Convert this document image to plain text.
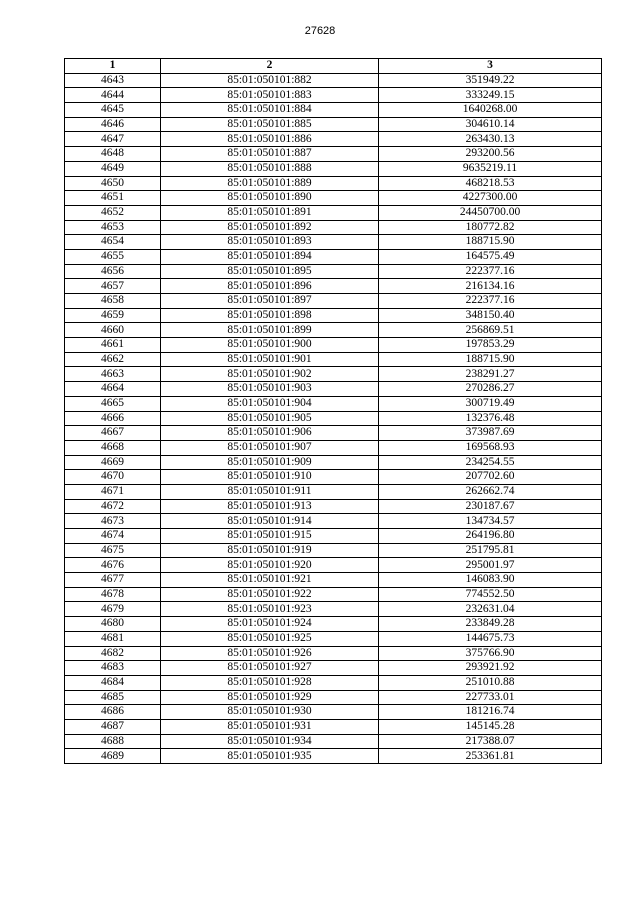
27628
1	2	3
4643	85:01:050101:882	351949.22
4644	85:01:050101:883	333249.15
4645	85:01:050101:884	1640268.00
4646	85:01:050101:885	304610.14
4647	85:01:050101:886	263430.13
4648	85:01:050101:887	293200.56
4649	85:01:050101:888	9635219.11
4650	85:01:050101:889	468218.53
4651	85:01:050101:890	4227300.00
4652	85:01:050101:891	24450700.00
4653	85:01:050101:892	180772.82
4654	85:01:050101:893	188715.90
4655	85:01:050101:894	164575.49
4656	85:01:050101:895	222377.16
4657	85:01:050101:896	216134.16
4658	85:01:050101:897	222377.16
4659	85:01:050101:898	348150.40
4660	85:01:050101:899	256869.51
4661	85:01:050101:900	197853.29
4662	85:01:050101:901	188715.90
4663	85:01:050101:902	238291.27
4664	85:01:050101:903	270286.27
4665	85:01:050101:904	300719.49
4666	85:01:050101:905	132376.48
4667	85:01:050101:906	373987.69
4668	85:01:050101:907	169568.93
4669	85:01:050101:909	234254.55
4670	85:01:050101:910	207702.60
4671	85:01:050101:911	262662.74
4672	85:01:050101:913	230187.67
4673	85:01:050101:914	134734.57
4674	85:01:050101:915	264196.80
4675	85:01:050101:919	251795.81
4676	85:01:050101:920	295001.97
4677	85:01:050101:921	146083.90
4678	85:01:050101:922	774552.50
4679	85:01:050101:923	232631.04
4680	85:01:050101:924	233849.28
4681	85:01:050101:925	144675.73
4682	85:01:050101:926	375766.90
4683	85:01:050101:927	293921.92
4684	85:01:050101:928	251010.88
4685	85:01:050101:929	227733.01
4686	85:01:050101:930	181216.74
4687	85:01:050101:931	145145.28
4688	85:01:050101:934	217388.07
4689	85:01:050101:935	253361.81
